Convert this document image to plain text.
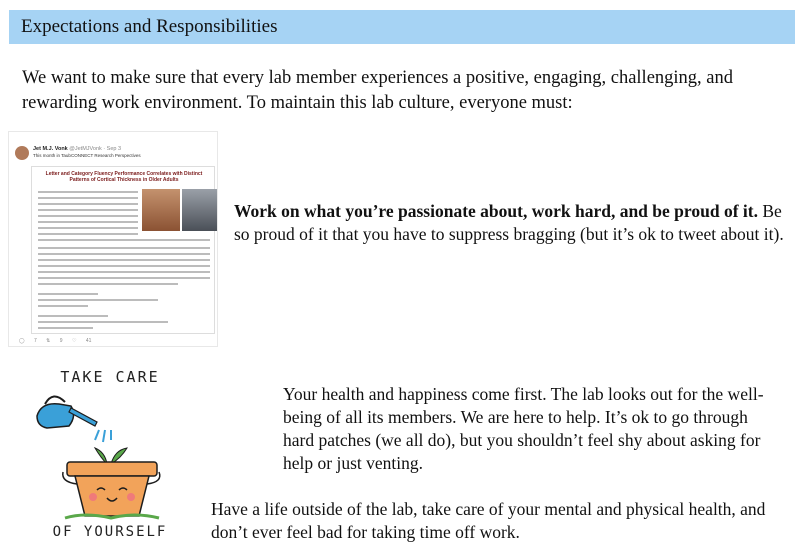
Expectations and Responsibilities
We want to make sure that every lab member experiences a positive, engaging, challenging, and rewarding work environment. To maintain this lab culture, everyone must:
Jet M.J. Vonk @JetMJVonk · Sep 3
This month in TaubCONNECT Research Perspectives
Letter and Category Fluency Performance Correlates with Distinct Patterns of Cortical Thickness in Older Adults
◯ 7 ⇅ 9 ♡ 41
Work on what you’re passionate about, work hard, and be proud of it. Be so proud of it that you have to suppress bragging (but it’s ok to tweet about it).
TAKE CARE
OF YOURSELF

Your health and happiness come first. The lab looks out for the well-being of all its members. We are here to help. It’s ok to go through hard patches (we all do), but you shouldn’t feel shy about asking for help or just venting.

Have a life outside of the lab, take care of your mental and physical health, and don’t ever feel bad for taking time off work.
